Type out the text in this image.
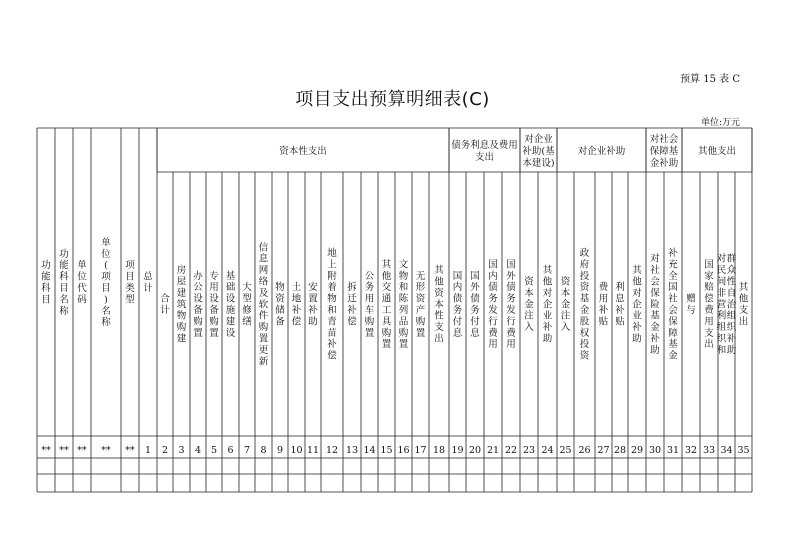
预算 15 表 C
项目支出预算明细表(C)
单位:万元
资本性支出
债务利息及费用
支出
对企业
补助(基
本建设)
对企业补助
对社会
保障基
金补助
其他支出
功
能
科
目
**
功
能
科
目
名
称
**
单
位
代
码
**
单
位
(
项
目
)
名
称
**
项
目
类
型
**
总
计
1
合
计
2
房
屋
建
筑
物
购
建
3
办
公
设
备
购
置
4
专
用
设
备
购
置
5
基
础
设
施
建
设
6
大
型
修
缮
7
信
息
网
络
及
软
件
购
置
更
新
8
物
资
储
备
9
土
地
补
偿
10
安
置
补
助
11
地
上
附
着
物
和
青
苗
补
偿
12
拆
迁
补
偿
13
公
务
用
车
购
置
14
其
他
交
通
工
具
购
置
15
文
物
和
陈
列
品
购
置
16
无
形
资
产
购
置
17
其
他
资
本
性
支
出
18
国
内
债
务
付
息
19
国
外
债
务
付
息
20
国
内
债
务
发
行
费
用
21
国
外
债
务
发
行
费
用
22
资
本
金
注
入
23
其
他
对
企
业
补
助
24
资
本
金
注
入
25
政
府
投
资
基
金
股
权
投
资
26
费
用
补
贴
27
利
息
补
贴
28
其
他
对
企
业
补
助
29
对
社
会
保
险
基
金
补
助
30
补
充
全
国
社
会
保
障
基
金
31
赠
与
32
国
家
赔
偿
费
用
支
出
33
对
民
间
非
营
利
组
织
和
群
众
性
自
治
组
织
补
助
34
其
他
支
出
35
